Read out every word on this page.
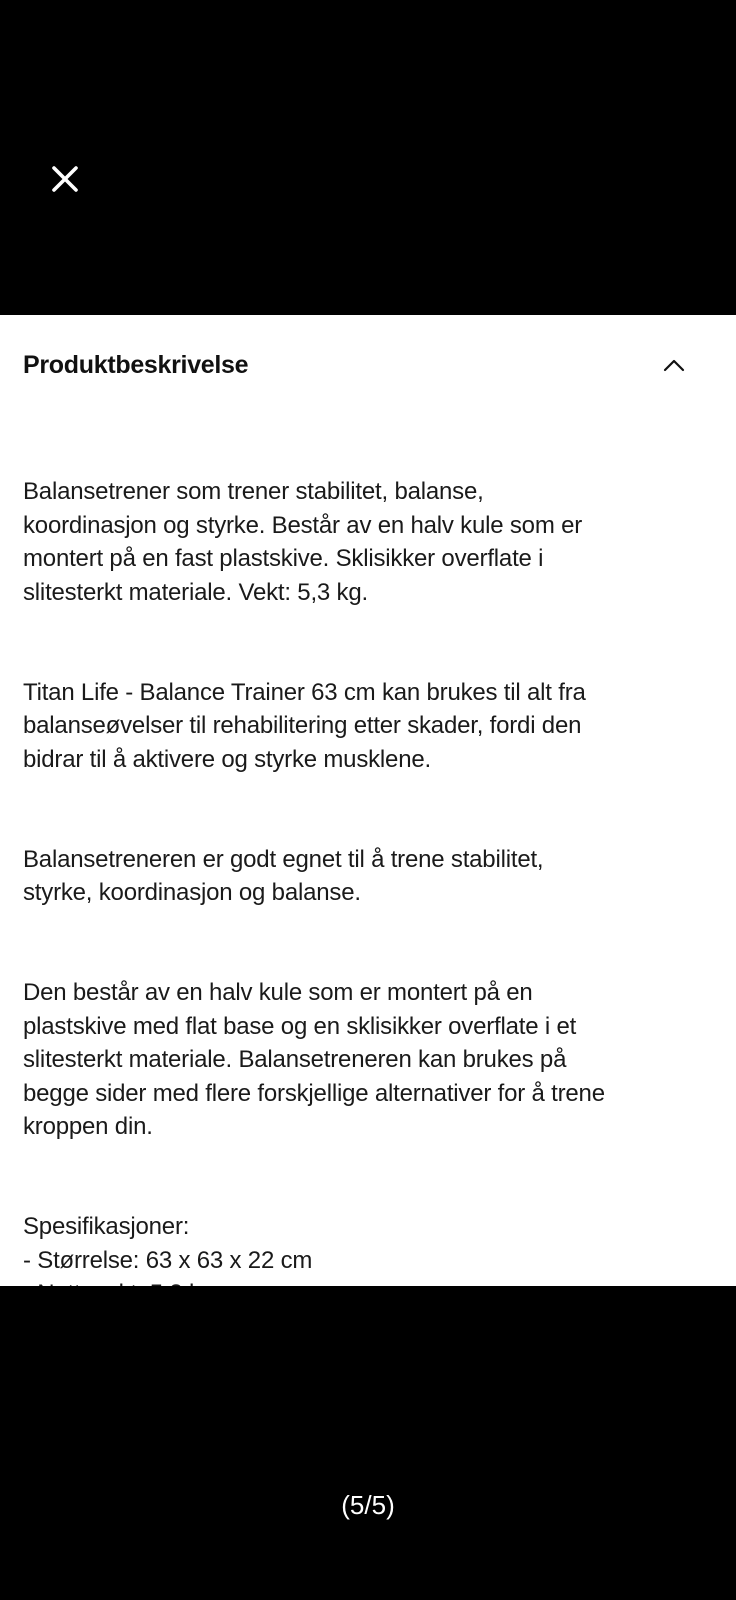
Produktbeskrivelse

Balansetrener som trener stabilitet, balanse,
koordinasjon og styrke. Består av en halv kule som er
montert på en fast plastskive. Sklisikker overflate i
slitesterkt materiale. Vekt: 5,3 kg.

Titan Life - Balance Trainer 63 cm kan brukes til alt fra
balanseøvelser til rehabilitering etter skader, fordi den
bidrar til å aktivere og styrke musklene.

Balansetreneren er godt egnet til å trene stabilitet,
styrke, koordinasjon og balanse.

Den består av en halv kule som er montert på en
plastskive med flat base og en sklisikker overflate i et
slitesterkt materiale. Balansetreneren kan brukes på
begge sider med flere forskjellige alternativer for å trene
kroppen din.

Spesifikasjoner:
- Størrelse: 63 x 63 x 22 cm

(5/5)
